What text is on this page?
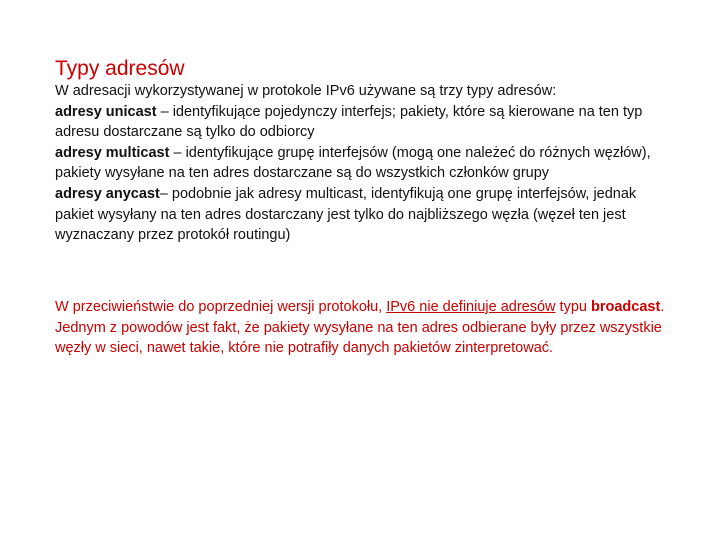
Typy adresów

W adresacji wykorzystywanej w protokole IPv6 używane są trzy typy adresów:

adresy unicast – identyfikujące pojedynczy interfejs; pakiety, które są kierowane na ten typ adresu dostarczane są tylko do odbiorcy

adresy multicast – identyfikujące grupę interfejsów (mogą one należeć do różnych węzłów), pakiety wysyłane na ten adres dostarczane są do wszystkich członków grupy

adresy anycast– podobnie jak adresy multicast, identyfikują one grupę interfejsów, jednak pakiet wysyłany na ten adres dostarczany jest tylko do najbliższego węzła (węzeł ten jest wyznaczany przez protokół routingu)

W przeciwieństwie do poprzedniej wersji protokołu, IPv6 nie definiuje adresów typu broadcast. Jednym z powodów jest fakt, że pakiety wysyłane na ten adres odbierane były przez wszystkie węzły w sieci, nawet takie, które nie potrafiły danych pakietów zinterpretować.
